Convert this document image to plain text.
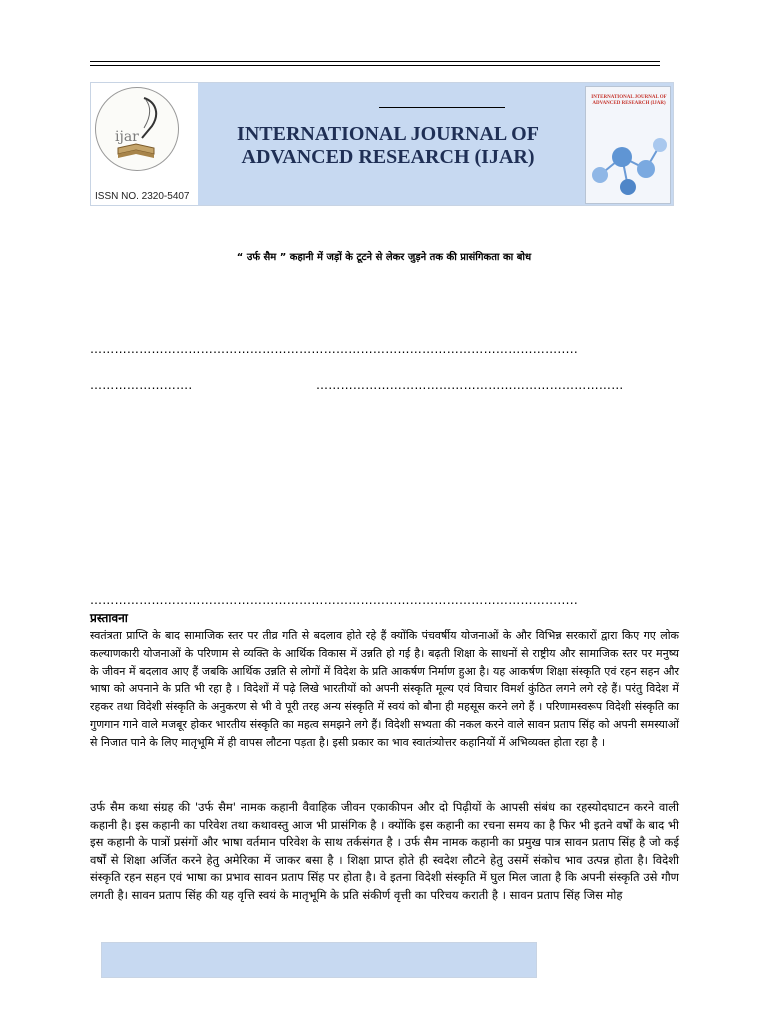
ijar
ISSN NO. 2320-5407
INTERNATIONAL JOURNAL OF
ADVANCED RESEARCH (IJAR)
INTERNATIONAL JOURNAL OF ADVANCED RESEARCH (IJAR)
“ उर्फ सैम ” कहानी में जड़ों के टूटने से लेकर जुड़ने तक की प्रासंगिकता का बोध
…………………………………………………………………………………………………….....
…………………….	…………………………………………………………………
…………………………………………………………………………………………………….....
प्रस्तावना

स्वतंत्रता प्राप्ति के बाद सामाजिक स्तर पर तीव्र गति से बदलाव होते रहे हैं क्योंकि पंचवर्षीय योजनाओं के और विभिन्न सरकारों द्वारा किए गए लोक कल्याणकारी योजनाओं के परिणाम से व्यक्ति के आर्थिक विकास में उन्नति हो गई है। बढ़ती शिक्षा के साधनों से राष्ट्रीय और सामाजिक स्तर पर मनुष्य के जीवन में बदलाव आए हैं जबकि आर्थिक उन्नति से लोगों में विदेश के प्रति आकर्षण निर्माण हुआ है। यह आकर्षण शिक्षा संस्कृति एवं रहन सहन और भाषा को अपनाने के प्रति भी रहा है । विदेशों में पढ़े लिखे भारतीयों को अपनी संस्कृति मूल्य एवं विचार विमर्श कुंठित लगने लगे रहे हैं। परंतु विदेश में रहकर तथा विदेशी संस्कृति के अनुकरण से भी वे पूरी तरह अन्य संस्कृति में स्वयं को बौना ही महसूस करने लगे हैं । परिणामस्वरूप विदेशी संस्कृति का गुणगान गाने वाले मजबूर होकर भारतीय संस्कृति का महत्व समझने लगे हैं। विदेशी सभ्यता की नकल करने वाले सावन प्रताप सिंह को अपनी समस्याओं से निजात पाने के लिए मातृभूमि में ही वापस लौटना पड़ता है। इसी प्रकार का भाव स्वातंत्र्योत्तर कहानियों में अभिव्यक्त होता रहा है ।

उर्फ सैम कथा संग्रह की 'उर्फ सैम' नामक कहानी वैवाहिक जीवन एकाकीपन और दो पिढ़ीयों के आपसी संबंध का रहस्योदघाटन करने वाली कहानी है। इस कहानी का परिवेश तथा कथावस्तु आज भी प्रासंगिक है । क्योंकि इस कहानी का रचना समय का है फिर भी इतने वर्षों के बाद भी इस कहानी के पात्रों प्रसंगों और भाषा वर्तमान परिवेश के साथ तर्कसंगत है । उर्फ सैम नामक कहानी का प्रमुख पात्र सावन प्रताप सिंह है जो कई वर्षों से शिक्षा अर्जित करने हेतु अमेरिका में जाकर बसा है । शिक्षा प्राप्त होते ही स्वदेश लौटने हेतु उसमें संकोच भाव उत्पन्न होता है। विदेशी संस्कृति रहन सहन एवं भाषा का प्रभाव सावन प्रताप सिंह पर होता है। वे इतना विदेशी संस्कृति में घुल मिल जाता है कि अपनी संस्कृति उसे गौण लगती है। सावन प्रताप सिंह की यह वृत्ति स्वयं के मातृभूमि के प्रति संकीर्ण वृत्ती का परिचय कराती है । सावन प्रताप सिंह जिस मोह
